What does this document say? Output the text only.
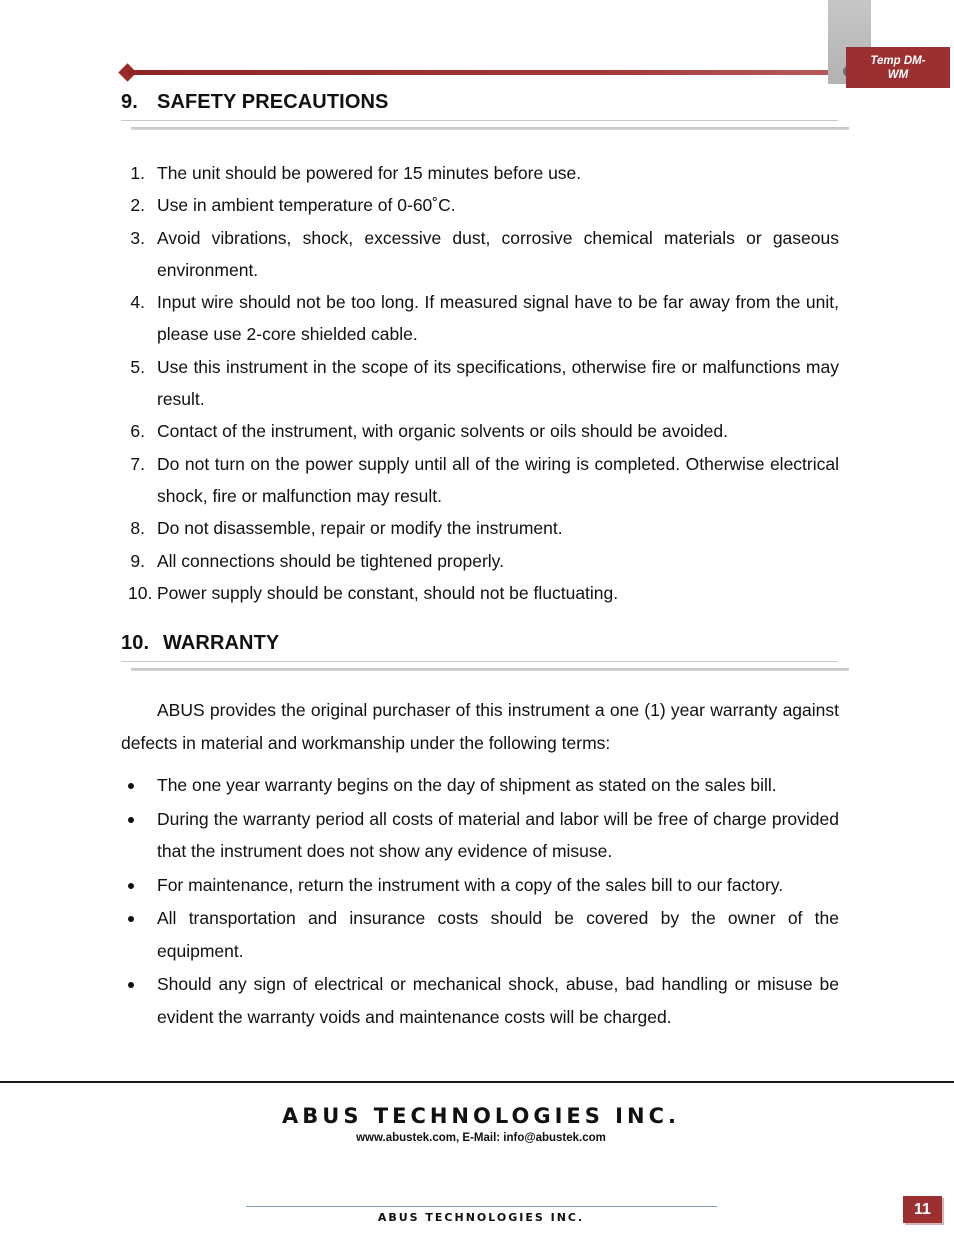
Temp DM-
WM
9. SAFETY PRECAUTIONS
1. The unit should be powered for 15 minutes before use.
2. Use in ambient temperature of 0-60˚C.
3. Avoid vibrations, shock, excessive dust, corrosive chemical materials or gaseous environment.
4. Input wire should not be too long. If measured signal have to be far away from the unit, please use 2-core shielded cable.
5. Use this instrument in the scope of its specifications, otherwise fire or malfunctions may result.
6. Contact of the instrument, with organic solvents or oils should be avoided.
7. Do not turn on the power supply until all of the wiring is completed. Otherwise electrical shock, fire or malfunction may result.
8. Do not disassemble, repair or modify the instrument.
9. All connections should be tightened properly.
10. Power supply should be constant, should not be fluctuating.
10. WARRANTY

ABUS provides the original purchaser of this instrument a one (1) year warranty against defects in material and workmanship under the following terms:

The one year warranty begins on the day of shipment as stated on the sales bill.
During the warranty period all costs of material and labor will be free of charge provided that the instrument does not show any evidence of misuse.
For maintenance, return the instrument with a copy of the sales bill to our factory.
All transportation and insurance costs should be covered by the owner of the equipment.
Should any sign of electrical or mechanical shock, abuse, bad handling or misuse be evident the warranty voids and maintenance costs will be charged.
ABUS TECHNOLOGIES INC.
www.abustek.com, E-Mail: info@abustek.com
ABUS TECHNOLOGIES INC.	11
